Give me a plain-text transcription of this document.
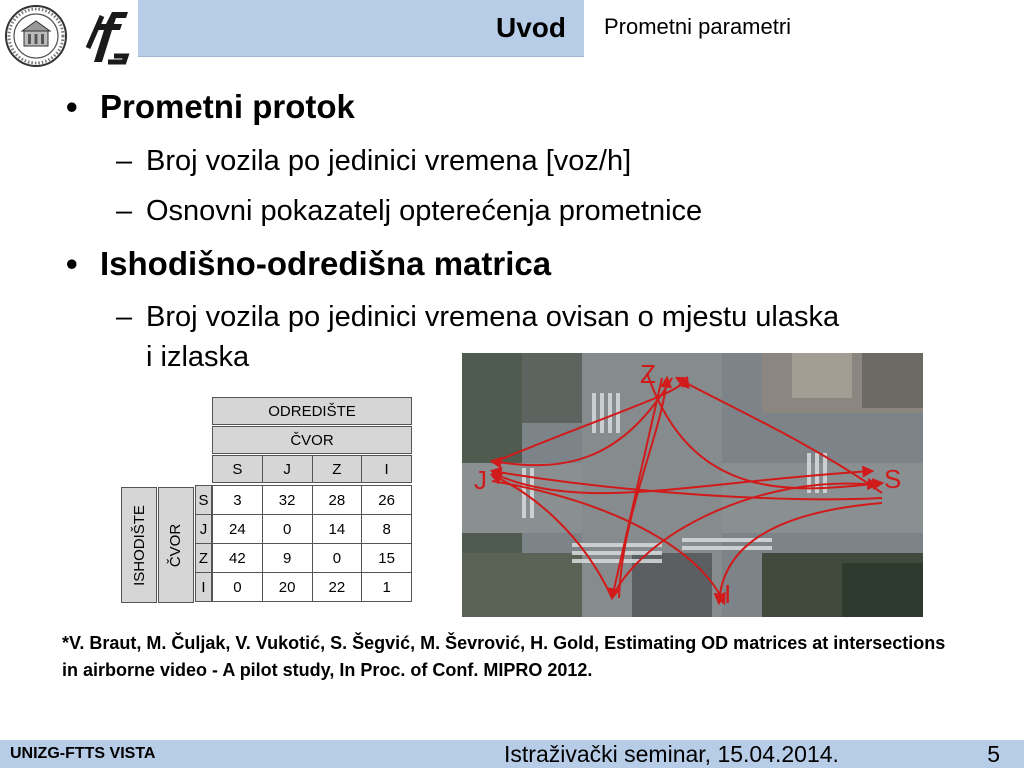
Uvod Prometni parametri
• Prometni protok
– Broj vozila po jedinici vremena [voz/h]
– Osnovni pokazatelj opterećenja prometnice
• Ishodišno-odredišna matrica
– Broj vozila po jedinici vremena ovisan o mjestu ulaska
i izlaska
ODREDIŠTE
ČVOR
S	J	Z	I
ISHODIŠTE ČVOR
S	3	32	28	26
J	24	0	14	8
Z	42	9	0	15
I	0	20	22	1
Z
J	S
I
*V. Braut, M. Čuljak, V. Vukotić, S. Šegvić, M. Ševrović, H. Gold, Estimating OD matrices at intersections in airborne video - A pilot study, In Proc. of Conf. MIPRO 2012.
UNIZG-FTTS VISTA	Istraživački seminar, 15.04.2014.	5
